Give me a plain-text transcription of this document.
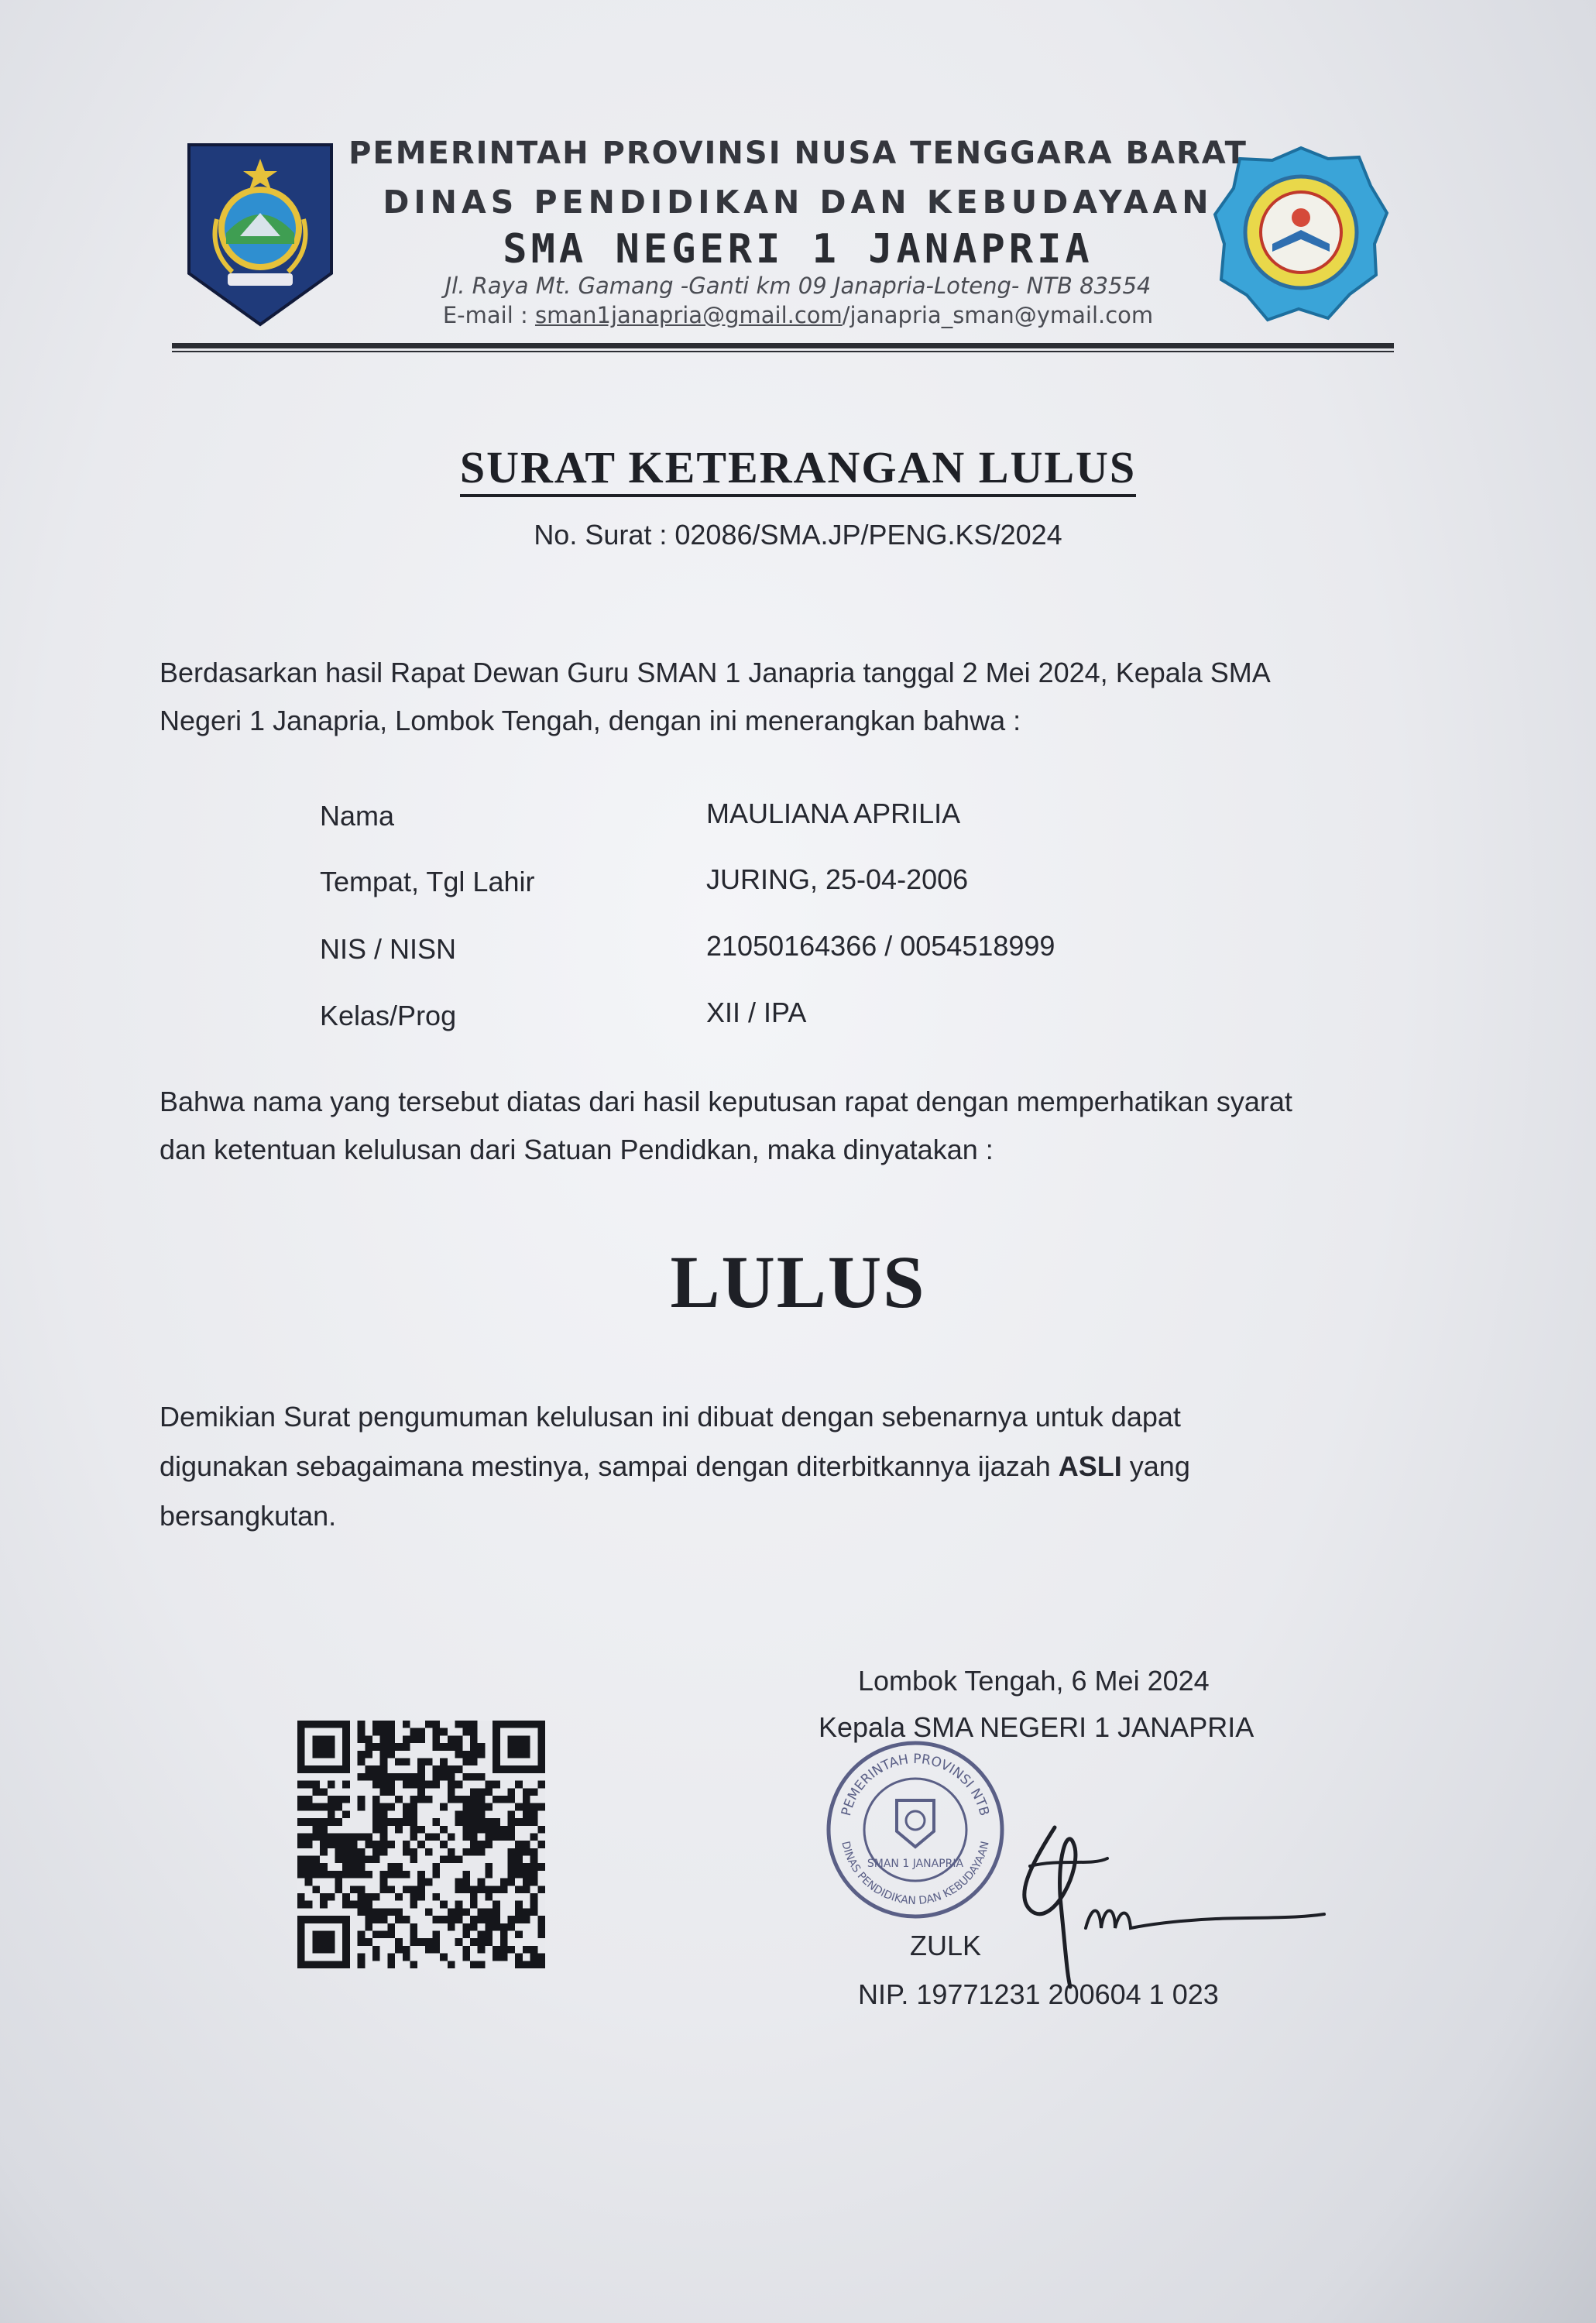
PEMERINTAH PROVINSI NUSA TENGGARA BARAT
DINAS PENDIDIKAN DAN KEBUDAYAAN
SMA NEGERI 1 JANAPRIA
Jl. Raya Mt. Gamang -Ganti km 09 Janapria-Loteng- NTB 83554
E-mail : sman1janapria@gmail.com/janapria_sman@ymail.com
SURAT KETERANGAN LULUS
No. Surat : 02086/SMA.JP/PENG.KS/2024
Berdasarkan hasil Rapat Dewan Guru SMAN 1 Janapria tanggal 2 Mei 2024, Kepala SMA
Negeri 1 Janapria, Lombok Tengah, dengan ini menerangkan bahwa :
Nama	MAULIANA APRILIA
Tempat, Tgl Lahir	JURING, 25-04-2006
NIS / NISN	21050164366 / 0054518999
Kelas/Prog	XII / IPA
Bahwa nama yang tersebut diatas dari hasil keputusan rapat dengan memperhatikan syarat
dan ketentuan kelulusan dari Satuan Pendidkan, maka dinyatakan :
LULUS
Demikian Surat pengumuman kelulusan ini dibuat dengan sebenarnya untuk dapat
digunakan sebagaimana mestinya, sampai dengan diterbitkannya ijazah ASLI yang
bersangkutan.
Lombok Tengah, 6 Mei 2024
Kepala SMA NEGERI 1 JANAPRIA
PEMERINTAH PROVINSI NTB
DINAS PENDIDIKAN DAN KEBUDAYAAN
SMAN 1 JANAPRIA
ZULK
NIP. 19771231 200604 1 023
